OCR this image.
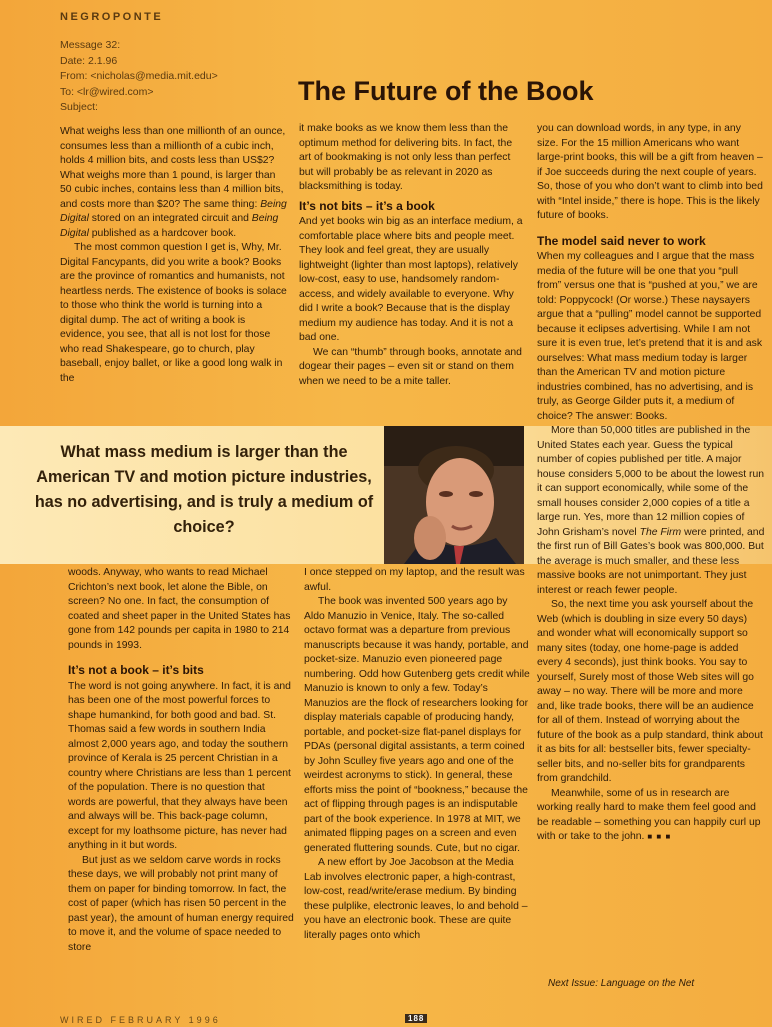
NEGROPONTE
Message 32:
Date: 2.1.96
From: <nicholas@media.mit.edu>
To: <lr@wired.com>
Subject:
The Future of the Book

What weighs less than one millionth of an ounce, consumes less than a millionth of a cubic inch, holds 4 million bits, and costs less than US$2? What weighs more than 1 pound, is larger than 50 cubic inches, contains less than 4 million bits, and costs more than $20? The same thing: Being Digital stored on an integrated circuit and Being Digital published as a hardcover book.

The most common question I get is, Why, Mr. Digital Fancypants, did you write a book? Books are the province of romantics and humanists, not heartless nerds. The existence of books is solace to those who think the world is turning into a digital dump. The act of writing a book is evidence, you see, that all is not lost for those who read Shakespeare, go to church, play baseball, enjoy ballet, or like a good long walk in the

it make books as we know them less than the optimum method for delivering bits. In fact, the art of bookmaking is not only less than perfect but will probably be as relevant in 2020 as blacksmithing is today.

It’s not bits – it’s a book

And yet books win big as an interface medium, a comfortable place where bits and people meet. They look and feel great, they are usually lightweight (lighter than most laptops), relatively low-cost, easy to use, handsomely random-access, and widely available to everyone. Why did I write a book? Because that is the display medium my audience has today. And it is not a bad one.

We can “thumb” through books, annotate and dogear their pages – even sit or stand on them when we need to be a mite taller.

What mass medium is larger than the American TV and motion picture industries, has no advertising, and is truly a medium of choice?

woods. Anyway, who wants to read Michael Crichton’s next book, let alone the Bible, on screen? No one. In fact, the consumption of coated and sheet paper in the United States has gone from 142 pounds per capita in 1980 to 214 pounds in 1993.

It’s not a book – it’s bits

The word is not going anywhere. In fact, it is and has been one of the most powerful forces to shape humankind, for both good and bad. St. Thomas said a few words in southern India almost 2,000 years ago, and today the southern province of Kerala is 25 percent Christian in a country where Christians are less than 1 percent of the population. There is no question that words are powerful, that they always have been and always will be. This back-page column, except for my loathsome picture, has never had anything in it but words.

But just as we seldom carve words in rocks these days, we will probably not print many of them on paper for binding tomorrow. In fact, the cost of paper (which has risen 50 percent in the past year), the amount of human energy required to move it, and the volume of space needed to store

I once stepped on my laptop, and the result was awful.

The book was invented 500 years ago by Aldo Manuzio in Venice, Italy. The so-called octavo format was a departure from previous manuscripts because it was handy, portable, and pocket-size. Manuzio even pioneered page numbering. Odd how Gutenberg gets credit while Manuzio is known to only a few. Today’s Manuzios are the flock of researchers looking for display materials capable of producing handy, portable, and pocket-size flat-panel displays for PDAs (personal digital assistants, a term coined by John Sculley five years ago and one of the weirdest acronyms to stick). In general, these efforts miss the point of “bookness,” because the act of flipping through pages is an indisputable part of the book experience. In 1978 at MIT, we animated flipping pages on a screen and even generated fluttering sounds. Cute, but no cigar.

A new effort by Joe Jacobson at the Media Lab involves electronic paper, a high-contrast, low-cost, read/write/erase medium. By binding these pulplike, electronic leaves, lo and behold – you have an electronic book. These are quite literally pages onto which

you can download words, in any type, in any size. For the 15 million Americans who want large-print books, this will be a gift from heaven – if Joe succeeds during the next couple of years. So, those of you who don’t want to climb into bed with “Intel inside,” there is hope. This is the likely future of books.

The model said never to work

When my colleagues and I argue that the mass media of the future will be one that you “pull from” versus one that is “pushed at you,” we are told: Poppycock! (Or worse.) These naysayers argue that a “pulling” model cannot be supported because it eclipses advertising. While I am not sure it is even true, let’s pretend that it is and ask ourselves: What mass medium today is larger than the American TV and motion picture industries combined, has no advertising, and is truly, as George Gilder puts it, a medium of choice? The answer: Books.

More than 50,000 titles are published in the United States each year. Guess the typical number of copies published per title. A major house considers 5,000 to be about the lowest run it can support economically, while some of the small houses consider 2,000 copies of a title a large run. Yes, more than 12 million copies of John Grisham’s novel The Firm were printed, and the first run of Bill Gates’s book was 800,000. But the average is much smaller, and these less massive books are not unimportant. They just interest or reach fewer people.

So, the next time you ask yourself about the Web (which is doubling in size every 50 days) and wonder what will economically support so many sites (today, one home-page is added every 4 seconds), just think books. You say to yourself, Surely most of those Web sites will go away – no way. There will be more and more and, like trade books, there will be an audience for all of them. Instead of worrying about the future of the book as a pulp standard, think about it as bits for all: bestseller bits, fewer specialty-seller bits, and no-seller bits for grandparents from grandchild.

Meanwhile, some of us in research are working really hard to make them feel good and be readable – something you can happily curl up with or take to the john. ■ ■ ■

Next Issue: Language on the Net
WIRED FEBRUARY 1996	188
